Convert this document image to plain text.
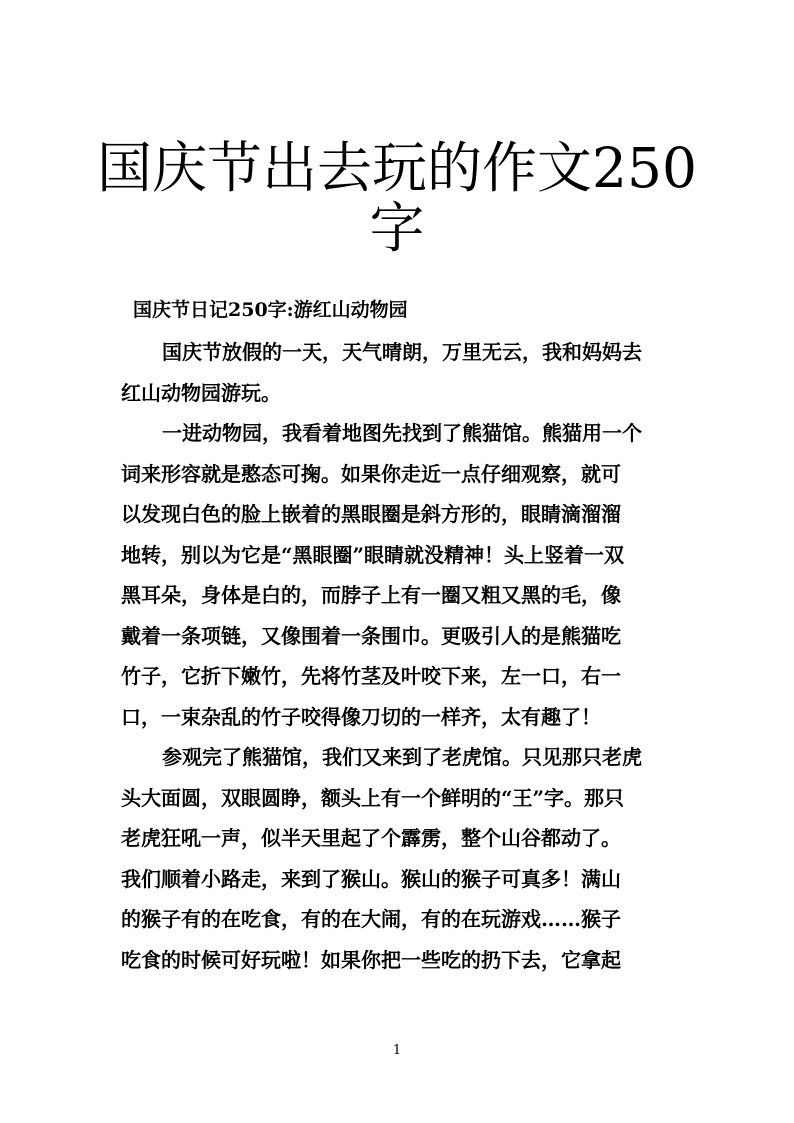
国庆节出去玩的作文250
字

国庆节日记250字:游红山动物园

国庆节放假的一天，天气晴朗，万里无云，我和妈妈去
红山动物园游玩。
一进动物园，我看着地图先找到了熊猫馆。熊猫用一个
词来形容就是憨态可掬。如果你走近一点仔细观察，就可
以发现白色的脸上嵌着的黑眼圈是斜方形的，眼睛滴溜溜
地转，别以为它是“黑眼圈”眼睛就没精神！头上竖着一双
黑耳朵，身体是白的，而脖子上有一圈又粗又黑的毛，像
戴着一条项链，又像围着一条围巾。更吸引人的是熊猫吃
竹子，它折下嫩竹，先将竹茎及叶咬下来，左一口，右一
口，一束杂乱的竹子咬得像刀切的一样齐，太有趣了！
参观完了熊猫馆，我们又来到了老虎馆。只见那只老虎
头大面圆，双眼圆睁，额头上有一个鲜明的“王”字。那只
老虎狂吼一声，似半天里起了个霹雳，整个山谷都动了。
我们顺着小路走，来到了猴山。猴山的猴子可真多！满山
的猴子有的在吃食，有的在大闹，有的在玩游戏……猴子
吃食的时候可好玩啦！如果你把一些吃的扔下去，它拿起
1
